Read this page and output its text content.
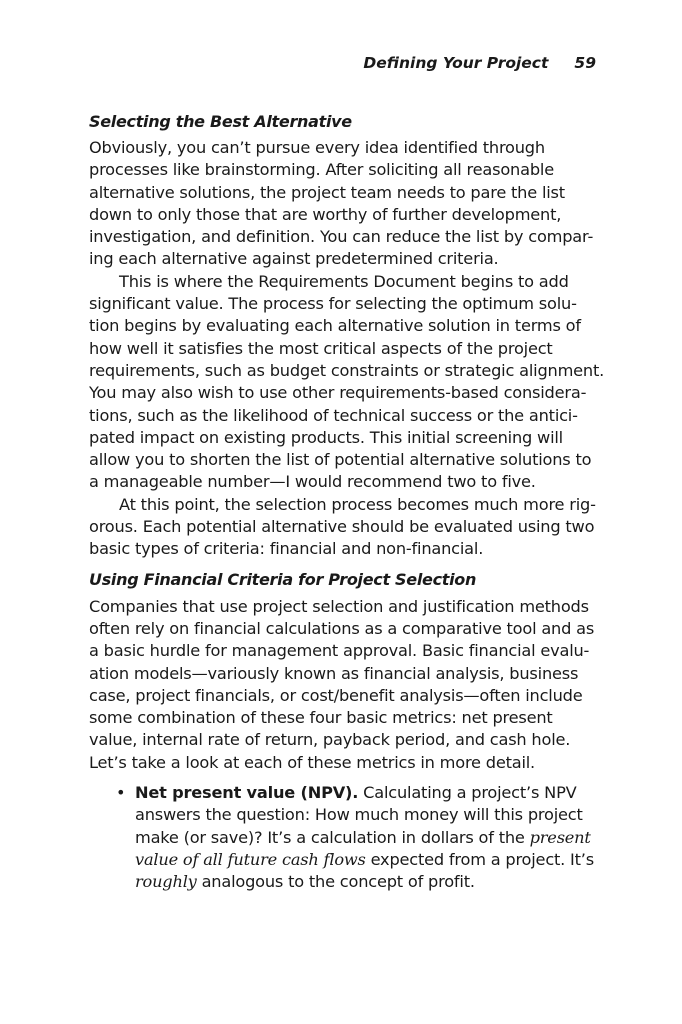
Defining Your Project 59
Selecting the Best Alternative

Obviously, you can’t pursue every idea identified through
processes like brainstorming. After soliciting all reasonable
alternative solutions, the project team needs to pare the list
down to only those that are worthy of further development,
investigation, and definition. You can reduce the list by compar-
ing each alternative against predetermined criteria.

This is where the Requirements Document begins to add
significant value. The process for selecting the optimum solu-
tion begins by evaluating each alternative solution in terms of
how well it satisfies the most critical aspects of the project
requirements, such as budget constraints or strategic alignment.
You may also wish to use other requirements-based considera-
tions, such as the likelihood of technical success or the antici-
pated impact on existing products. This initial screening will
allow you to shorten the list of potential alternative solutions to
a manageable number—I would recommend two to five.

At this point, the selection process becomes much more rig-
orous. Each potential alternative should be evaluated using two
basic types of criteria: financial and non-financial.

Using Financial Criteria for Project Selection

Companies that use project selection and justification methods
often rely on financial calculations as a comparative tool and as
a basic hurdle for management approval. Basic financial evalu-
ation models—variously known as financial analysis, business
case, project financials, or cost/benefit analysis—often include
some combination of these four basic metrics: net present
value, internal rate of return, payback period, and cash hole.
Let’s take a look at each of these metrics in more detail.

• Net present value (NPV). Calculating a project’s NPV
answers the question: How much money will this project
make (or save)? It’s a calculation in dollars of the present
value of all future cash flows expected from a project. It’s
roughly analogous to the concept of profit.
